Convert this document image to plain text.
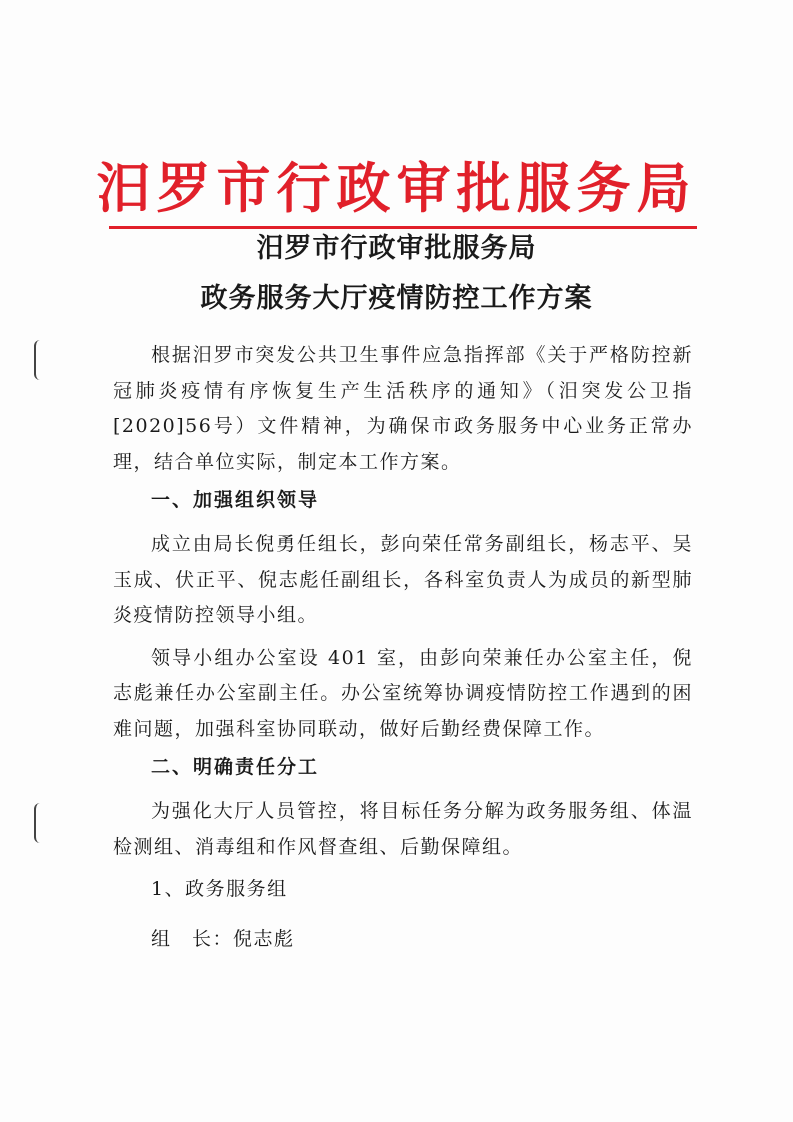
汨罗市行政审批服务局
汨罗市行政审批服务局
政务服务大厅疫情防控工作方案

根据汨罗市突发公共卫生事件应急指挥部《关于严格防控新冠肺炎疫情有序恢复生产生活秩序的通知》（汨突发公卫指[2020]56号）文件精神，为确保市政务服务中心业务正常办理，结合单位实际，制定本工作方案。

一、加强组织领导

成立由局长倪勇任组长，彭向荣任常务副组长，杨志平、吴玉成、伏正平、倪志彪任副组长，各科室负责人为成员的新型肺炎疫情防控领导小组。

领导小组办公室设 401 室，由彭向荣兼任办公室主任，倪志彪兼任办公室副主任。办公室统筹协调疫情防控工作遇到的困难问题，加强科室协同联动，做好后勤经费保障工作。

二、明确责任分工

为强化大厅人员管控，将目标任务分解为政务服务组、体温检测组、消毒组和作风督查组、后勤保障组。

1、政务服务组
组　长：倪志彪
